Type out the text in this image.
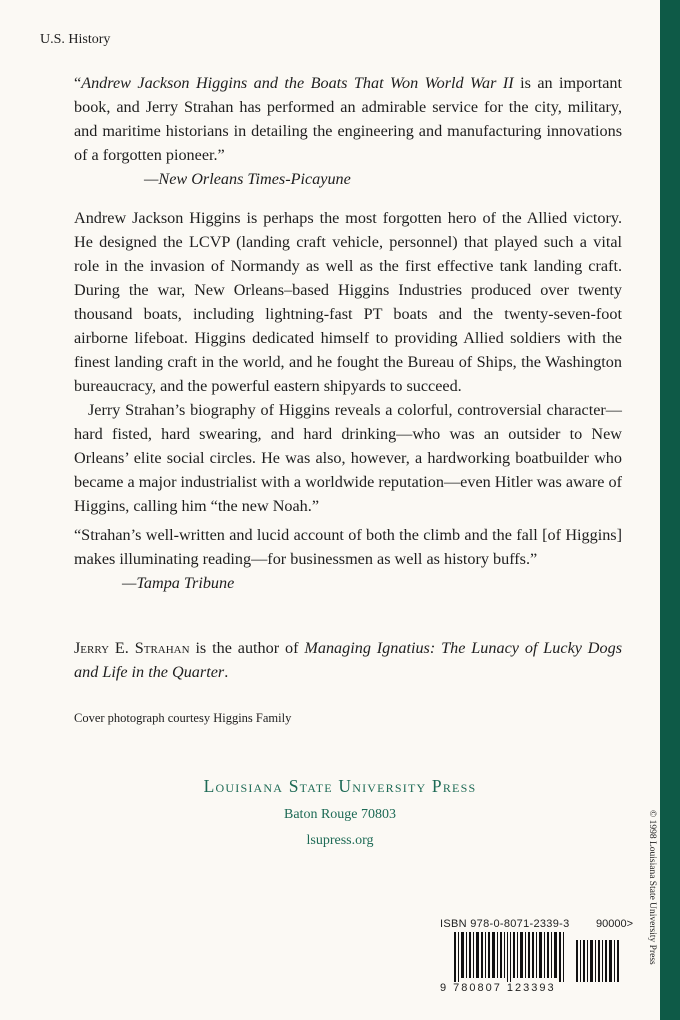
U.S. History
“Andrew Jackson Higgins and the Boats That Won World War II is an important book, and Jerry Strahan has performed an admirable service for the city, military, and maritime historians in detailing the engineering and manufacturing innovations of a forgotten pioneer.”
—New Orleans Times-Picayune

Andrew Jackson Higgins is perhaps the most forgotten hero of the Allied victory. He designed the LCVP (landing craft vehicle, personnel) that played such a vital role in the invasion of Normandy as well as the first effective tank landing craft. During the war, New Orleans–based Higgins Industries produced over twenty thousand boats, including lightning-fast PT boats and the twenty-seven-foot airborne lifeboat. Higgins dedicated himself to providing Allied soldiers with the finest landing craft in the world, and he fought the Bureau of Ships, the Washington bureaucracy, and the powerful eastern shipyards to succeed.

Jerry Strahan’s biography of Higgins reveals a colorful, controversial character—hard fisted, hard swearing, and hard drinking—who was an outsider to New Orleans’ elite social circles. He was also, however, a hardworking boatbuilder who became a major industrialist with a worldwide reputation—even Hitler was aware of Higgins, calling him “the new Noah.”

“Strahan’s well-written and lucid account of both the climb and the fall [of Higgins] makes illuminating reading—for businessmen as well as history buffs.”
—Tampa Tribune
Jerry E. Strahan is the author of Managing Ignatius: The Lunacy of Lucky Dogs and Life in the Quarter.
Cover photograph courtesy Higgins Family
Louisiana State University Press
Baton Rouge 70803
lsupress.org	© 1998 Louisiana State University Press
ISBN 978-0-8071-2339-3 90000>
9 780807 123393
